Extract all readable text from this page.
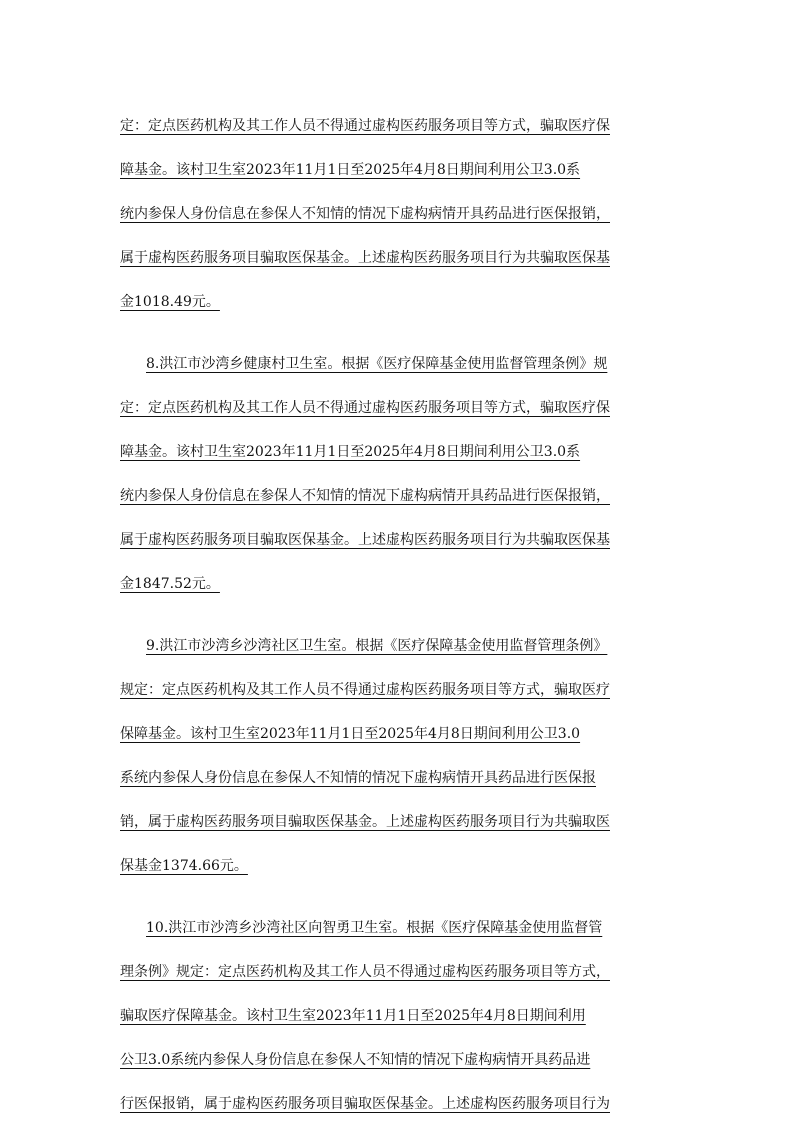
定：定点医药机构及其工作人员不得通过虚构医药服务项目等方式，骗取医疗保
障基金。该村卫生室2023年11月1日至2025年4月8日期间利用公卫3.0系
统内参保人身份信息在参保人不知情的情况下虚构病情开具药品进行医保报销，
属于虚构医药服务项目骗取医保基金。上述虚构医药服务项目行为共骗取医保基
金1018.49元。
8.洪江市沙湾乡健康村卫生室。根据《医疗保障基金使用监督管理条例》规
定：定点医药机构及其工作人员不得通过虚构医药服务项目等方式，骗取医疗保
障基金。该村卫生室2023年11月1日至2025年4月8日期间利用公卫3.0系
统内参保人身份信息在参保人不知情的情况下虚构病情开具药品进行医保报销，
属于虚构医药服务项目骗取医保基金。上述虚构医药服务项目行为共骗取医保基
金1847.52元。
9.洪江市沙湾乡沙湾社区卫生室。根据《医疗保障基金使用监督管理条例》
规定：定点医药机构及其工作人员不得通过虚构医药服务项目等方式，骗取医疗
保障基金。该村卫生室2023年11月1日至2025年4月8日期间利用公卫3.0
系统内参保人身份信息在参保人不知情的情况下虚构病情开具药品进行医保报
销，属于虚构医药服务项目骗取医保基金。上述虚构医药服务项目行为共骗取医
保基金1374.66元。
10.洪江市沙湾乡沙湾社区向智勇卫生室。根据《医疗保障基金使用监督管
理条例》规定：定点医药机构及其工作人员不得通过虚构医药服务项目等方式，
骗取医疗保障基金。该村卫生室2023年11月1日至2025年4月8日期间利用
公卫3.0系统内参保人身份信息在参保人不知情的情况下虚构病情开具药品进
行医保报销，属于虚构医药服务项目骗取医保基金。上述虚构医药服务项目行为
